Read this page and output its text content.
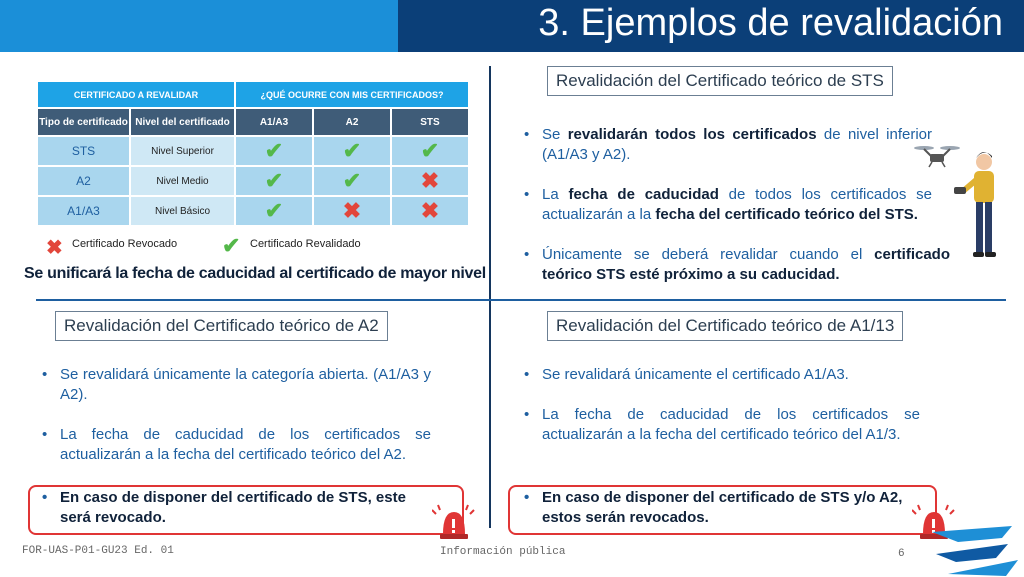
3. Ejemplos de revalidación
CERTIFICADO A REVALIDAR		¿QUÉ OCURRE CON MIS CERTIFICADOS?		
Tipo de certificado	Nivel del certificado	A1/A3	A2	STS
STS	Nivel Superior	✔	✔	✔
A2	Nivel Medio	✔	✔	✖
A1/A3	Nivel Básico	✔	✖	✖
✖ Certificado Revocado ✔ Certificado Revalidado
Se unificará la fecha de caducidad al certificado de mayor nivel
Revalidación del Certificado teórico de STS
• Se revalidarán todos los certificados de nivel inferior (A1/A3 y A2).
• La fecha de caducidad de todos los certificados se actualizarán a la fecha del certificado teórico del STS.
• Únicamente se deberá revalidar cuando el certificado teórico STS esté próximo a su caducidad.
Revalidación del Certificado teórico de A2
• Se revalidará únicamente la categoría abierta. (A1/A3 y A2).
• La fecha de caducidad de los certificados se actualizarán a la fecha del certificado teórico del A2.
• En caso de disponer del certificado de STS, este será revocado.
Revalidación del Certificado teórico de A1/13
• Se revalidará únicamente el certificado A1/A3.
• La fecha de caducidad de los certificados se actualizarán a la fecha del certificado teórico del A1/3.
• En caso de disponer del certificado de STS y/o A2, estos serán revocados.
FOR-UAS-P01-GU23 Ed. 01	Información pública	6
